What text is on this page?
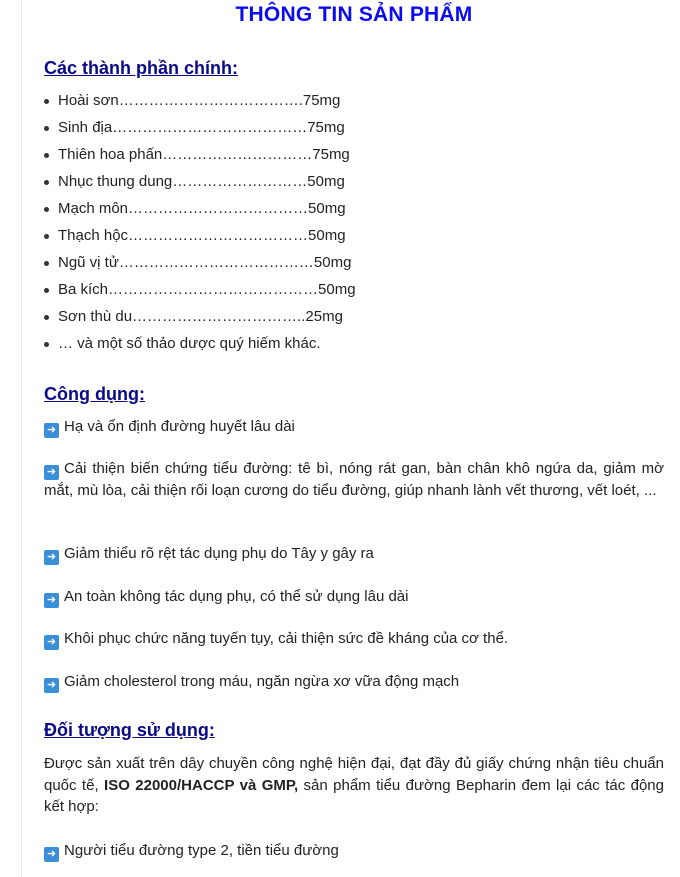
THÔNG TIN SẢN PHẨM
Các thành phần chính:
Hoài sơn……………………………….75mg
Sinh địa…………………………………75mg
Thiên hoa phấn…………………………75mg
Nhục thung dung………………………50mg
Mạch môn………………………………50mg
Thạch hộc………………………………50mg
Ngũ vị tử…………………………………50mg
Ba kích……………………………………50mg
Sơn thù du……………………………..25mg
… và một số thảo dược quý hiếm khác.
Công dụng:
➜ Hạ và ổn định đường huyết lâu dài
➜ Cải thiện biến chứng tiểu đường: tê bì, nóng rát gan, bàn chân khô ngứa da, giảm mờ mắt, mù lòa, cải thiện rối loạn cương do tiểu đường, giúp nhanh lành vết thương, vết loét, ...
➜ Giảm thiểu rõ rệt tác dụng phụ do Tây y gây ra
➜ An toàn không tác dụng phụ, có thể sử dụng lâu dài
➜ Khôi phục chức năng tuyến tụy, cải thiện sức đề kháng của cơ thể.
➜ Giảm cholesterol trong máu, ngăn ngừa xơ vữa động mạch
Đối tượng sử dụng:
Được sản xuất trên dây chuyền công nghệ hiện đại, đạt đầy đủ giấy chứng nhận tiêu chuẩn quốc tế, ISO 22000/HACCP và GMP, sản phẩm tiểu đường Bepharin đem lại các tác động kết hợp:
➜ Người tiểu đường type 2, tiền tiểu đường
